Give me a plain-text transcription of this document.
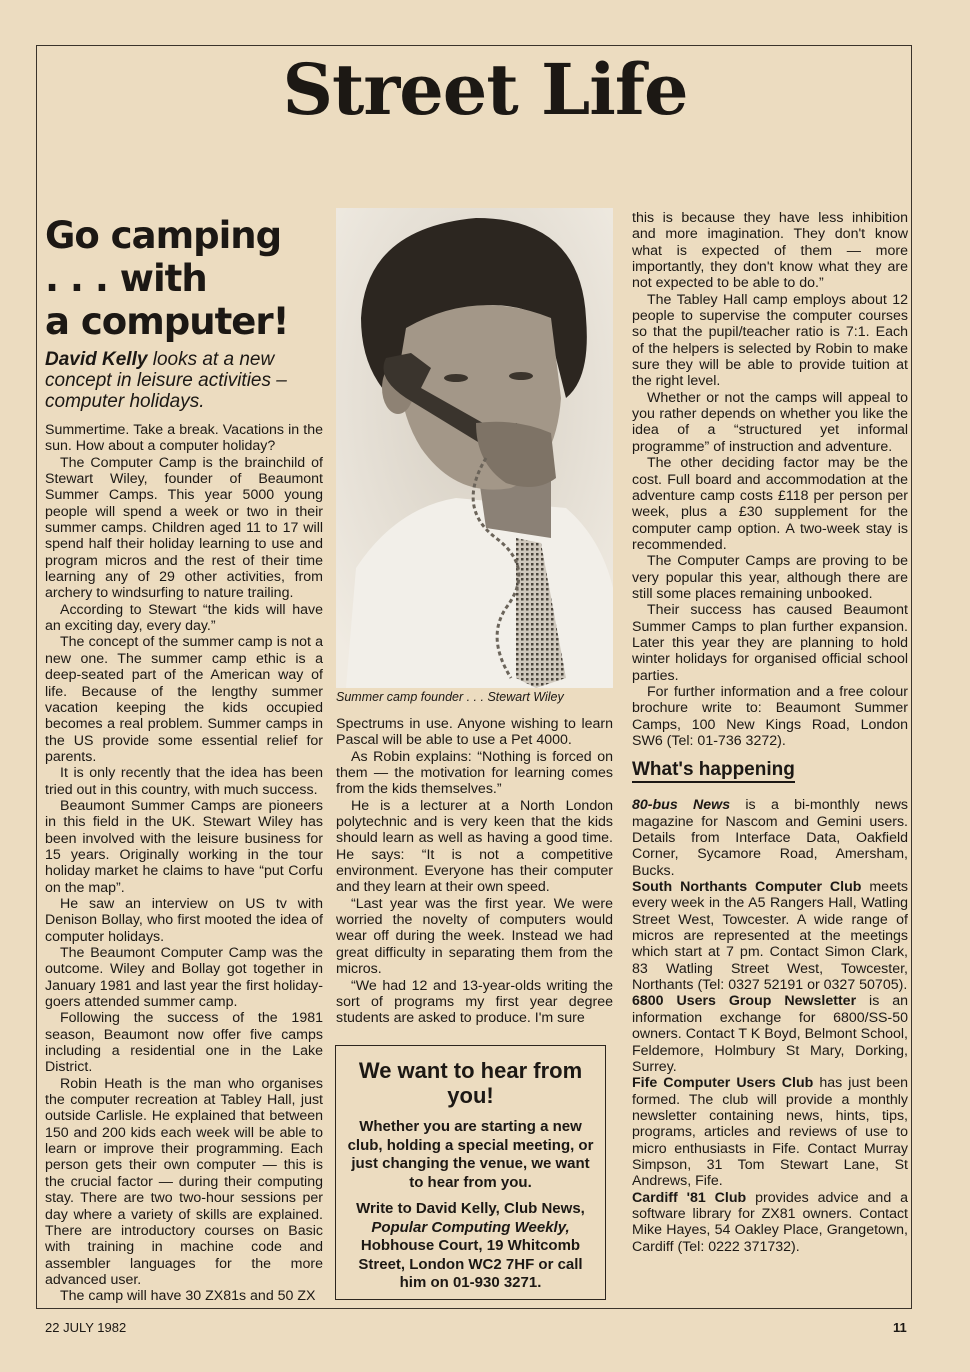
Street Life
Go camping
. . . with
a computer!
David Kelly looks at a new concept in leisure activities – computer holidays.

Summertime. Take a break. Vacations in the sun. How about a computer holiday?

The Computer Camp is the brainchild of Stewart Wiley, founder of Beaumont Summer Camps. This year 5000 young people will spend a week or two in their summer camps. Children aged 11 to 17 will spend half their holiday learning to use and program micros and the rest of their time learning any of 29 other activities, from archery to windsurfing to nature trailing.

According to Stewart “the kids will have an exciting day, every day.”

The concept of the summer camp is not a new one. The summer camp ethic is a deep-seated part of the American way of life. Because of the lengthy summer vacation keeping the kids occupied becomes a real problem. Summer camps in the US provide some essential relief for parents.

It is only recently that the idea has been tried out in this country, with much success.

Beaumont Summer Camps are pioneers in this field in the UK. Stewart Wiley has been involved with the leisure business for 15 years. Originally working in the tour holiday market he claims to have “put Corfu on the map”.

He saw an interview on US tv with Denison Bollay, who first mooted the idea of computer holidays.

The Beaumont Computer Camp was the outcome. Wiley and Bollay got together in January 1981 and last year the first holiday-goers attended summer camp.

Following the success of the 1981 season, Beaumont now offer five camps including a residential one in the Lake District.

Robin Heath is the man who organises the computer recreation at Tabley Hall, just outside Carlisle. He explained that between 150 and 200 kids each week will be able to learn or improve their programming. Each person gets their own computer — this is the crucial factor — during their computing stay. There are two two-hour sessions per day where a variety of skills are explained. There are introductory courses on Basic with training in machine code and assembler languages for the more advanced user.

The camp will have 30 ZX81s and 50 ZX

Summer camp founder . . . Stewart Wiley

Spectrums in use. Anyone wishing to learn Pascal will be able to use a Pet 4000.

As Robin explains: “Nothing is forced on them — the motivation for learning comes from the kids themselves.”

He is a lecturer at a North London polytechnic and is very keen that the kids should learn as well as having a good time. He says: “It is not a competitive environment. Everyone has their computer and they learn at their own speed.

“Last year was the first year. We were worried the novelty of computers would wear off during the week. Instead we had great difficulty in separating them from the micros.

“We had 12 and 13-year-olds writing the sort of programs my first year degree students are asked to produce. I'm sure

We want to hear from you!
Whether you are starting a new club, holding a special meeting, or just changing the venue, we want to hear from you.
Write to David Kelly, Club News, Popular Computing Weekly, Hobhouse Court, 19 Whitcomb Street, London WC2 7HF or call him on 01-930 3271.

this is because they have less inhibition and more imagination. They don't know what is expected of them — more importantly, they don't know what they are not expected to be able to do.”

The Tabley Hall camp employs about 12 people to supervise the computer courses so that the pupil/teacher ratio is 7:1. Each of the helpers is selected by Robin to make sure they will be able to provide tuition at the right level.

Whether or not the camps will appeal to you rather depends on whether you like the idea of a “structured yet informal programme” of instruction and adventure.

The other deciding factor may be the cost. Full board and accommodation at the adventure camp costs £118 per person per week, plus a £30 supplement for the computer camp option. A two-week stay is recommended.

The Computer Camps are proving to be very popular this year, although there are still some places remaining unbooked.

Their success has caused Beaumont Summer Camps to plan further expansion. Later this year they are planning to hold winter holidays for organised official school parties.

For further information and a free colour brochure write to: Beaumont Summer Camps, 100 New Kings Road, London SW6 (Tel: 01-736 3272).

What's happening

80-bus News is a bi-monthly news magazine for Nascom and Gemini users. Details from Interface Data, Oakfield Corner, Sycamore Road, Amersham, Bucks.

South Northants Computer Club meets every week in the A5 Rangers Hall, Watling Street West, Towcester. A wide range of micros are represented at the meetings which start at 7 pm. Contact Simon Clark, 83 Watling Street West, Towcester, Northants (Tel: 0327 52191 or 0327 50705).

6800 Users Group Newsletter is an information exchange for 6800/SS-50 owners. Contact T K Boyd, Belmont School, Feldemore, Holmbury St Mary, Dorking, Surrey.

Fife Computer Users Club has just been formed. The club will provide a monthly newsletter containing news, hints, tips, programs, articles and reviews of use to micro enthusiasts in Fife. Contact Murray Simpson, 31 Tom Stewart Lane, St Andrews, Fife.

Cardiff '81 Club provides advice and a software library for ZX81 owners. Contact Mike Hayes, 54 Oakley Place, Grangetown, Cardiff (Tel: 0222 371732).

22 JULY 1982	11
